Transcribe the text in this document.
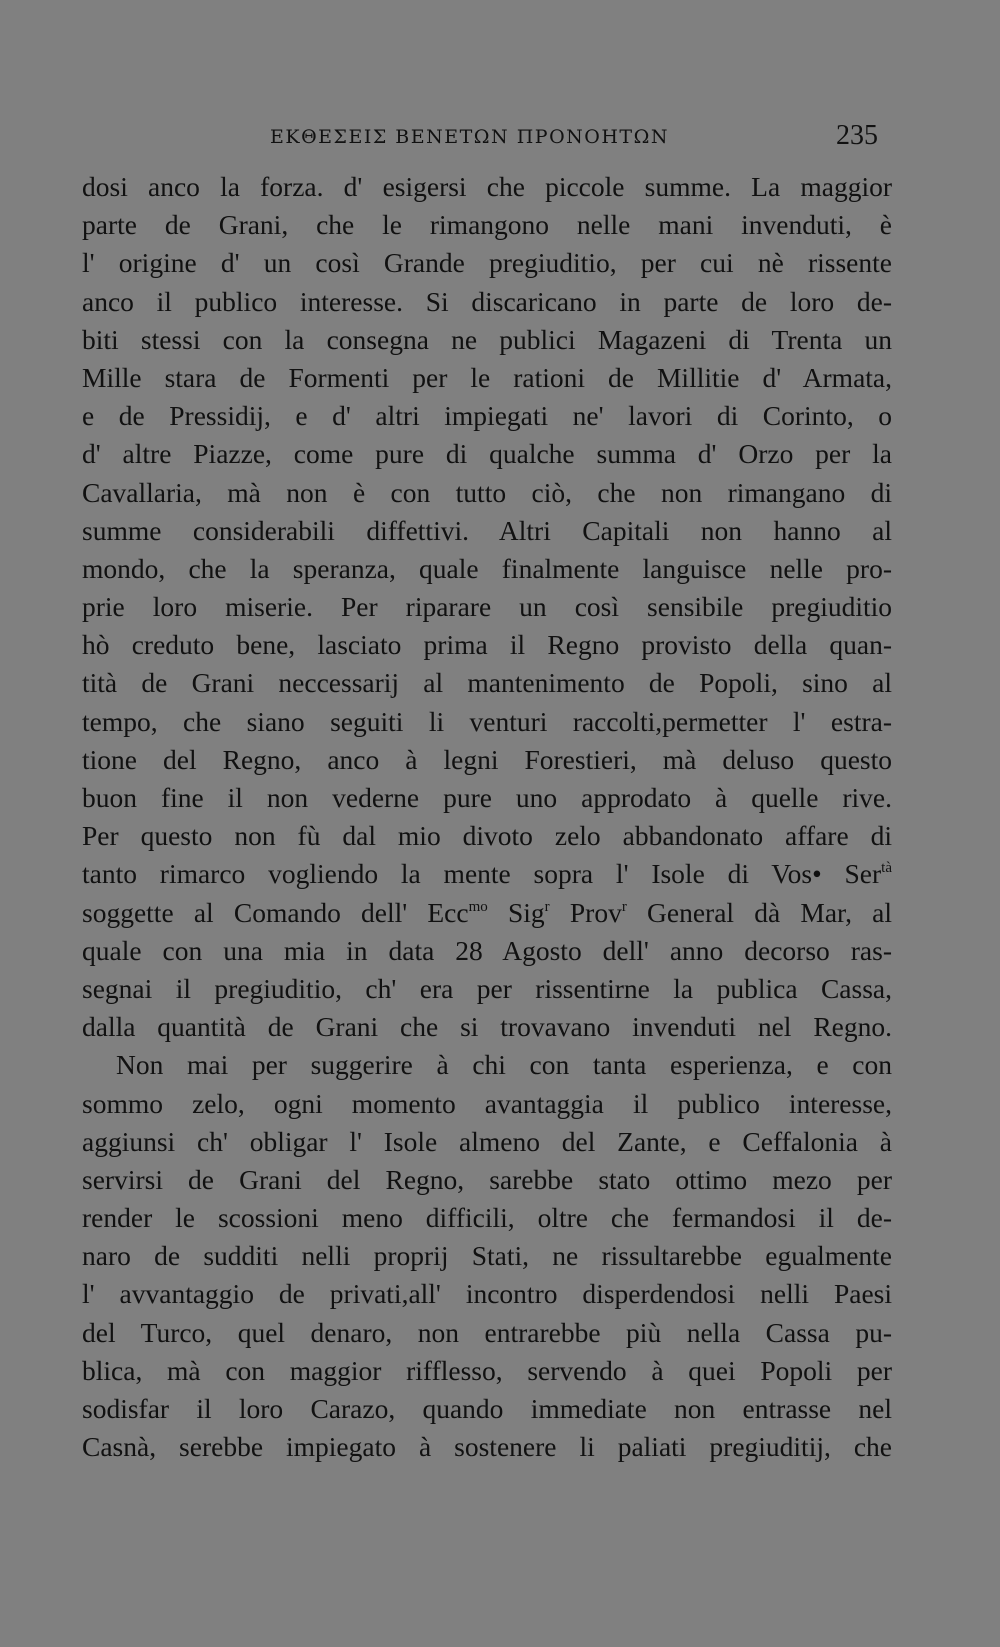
ΕΚΘΕΣΕΙΣ ΒΕΝΕΤΩΝ ΠΡΟΝΟΗΤΩΝ	235
dosi anco la forza. d' esigersi che piccole summe. La maggior
parte de Grani, che le rimangono nelle mani invenduti, è
l' origine d' un così Grande pregiuditio, per cui nè rissente
anco il publico interesse. Si discaricano in parte de loro de-
biti stessi con la consegna ne publici Magazeni di Trenta un
Mille stara de Formenti per le rationi de Millitie d' Armata,
e de Pressidij, e d' altri impiegati ne' lavori di Corinto, o
d' altre Piazze, come pure di qualche summa d' Orzo per la
Cavallaria, mà non è con tutto ciò, che non rimangano di
summe considerabili diffettivi. Altri Capitali non hanno al
mondo, che la speranza, quale finalmente languisce nelle pro-
prie loro miserie. Per riparare un così sensibile pregiuditio
hò creduto bene, lasciato prima il Regno provisto della quan-
tità de Grani neccessarij al mantenimento de Popoli, sino al
tempo, che siano seguiti li venturi raccolti,permetter l' estra-
tione del Regno, anco à legni Forestieri, mà deluso questo
buon fine il non vederne pure uno approdato à quelle rive.
Per questo non fù dal mio divoto zelo abbandonato affare di
tanto rimarco vogliendo la mente sopra l' Isole di Vos• Ser$^{tà}$
soggette al Comando dell' Ecc$^{mo}$ Sig$^r$ Prov$^r$ General dà Mar, al
quale con una mia in data 28 Agosto dell' anno decorso ras-
segnai il pregiuditio, ch' era per rissentirne la publica Cassa,
dalla quantità de Grani che si trovavano invenduti nel Regno.
Non mai per suggerire à chi con tanta esperienza, e con
sommo zelo, ogni momento avantaggia il publico interesse,
aggiunsi ch' obligar l' Isole almeno del Zante, e Ceffalonia à
servirsi de Grani del Regno, sarebbe stato ottimo mezo per
render le scossioni meno difficili, oltre che fermandosi il de-
naro de sudditi nelli proprij Stati, ne rissultarebbe egualmente
l' avvantaggio de privati,all' incontro disperdendosi nelli Paesi
del Turco, quel denaro, non entrarebbe più nella Cassa pu-
blica, mà con maggior rifflesso, servendo à quei Popoli per
sodisfar il loro Carazo, quando immediate non entrasse nel
Casnà, serebbe impiegato à sostenere li paliati pregiuditij, che
